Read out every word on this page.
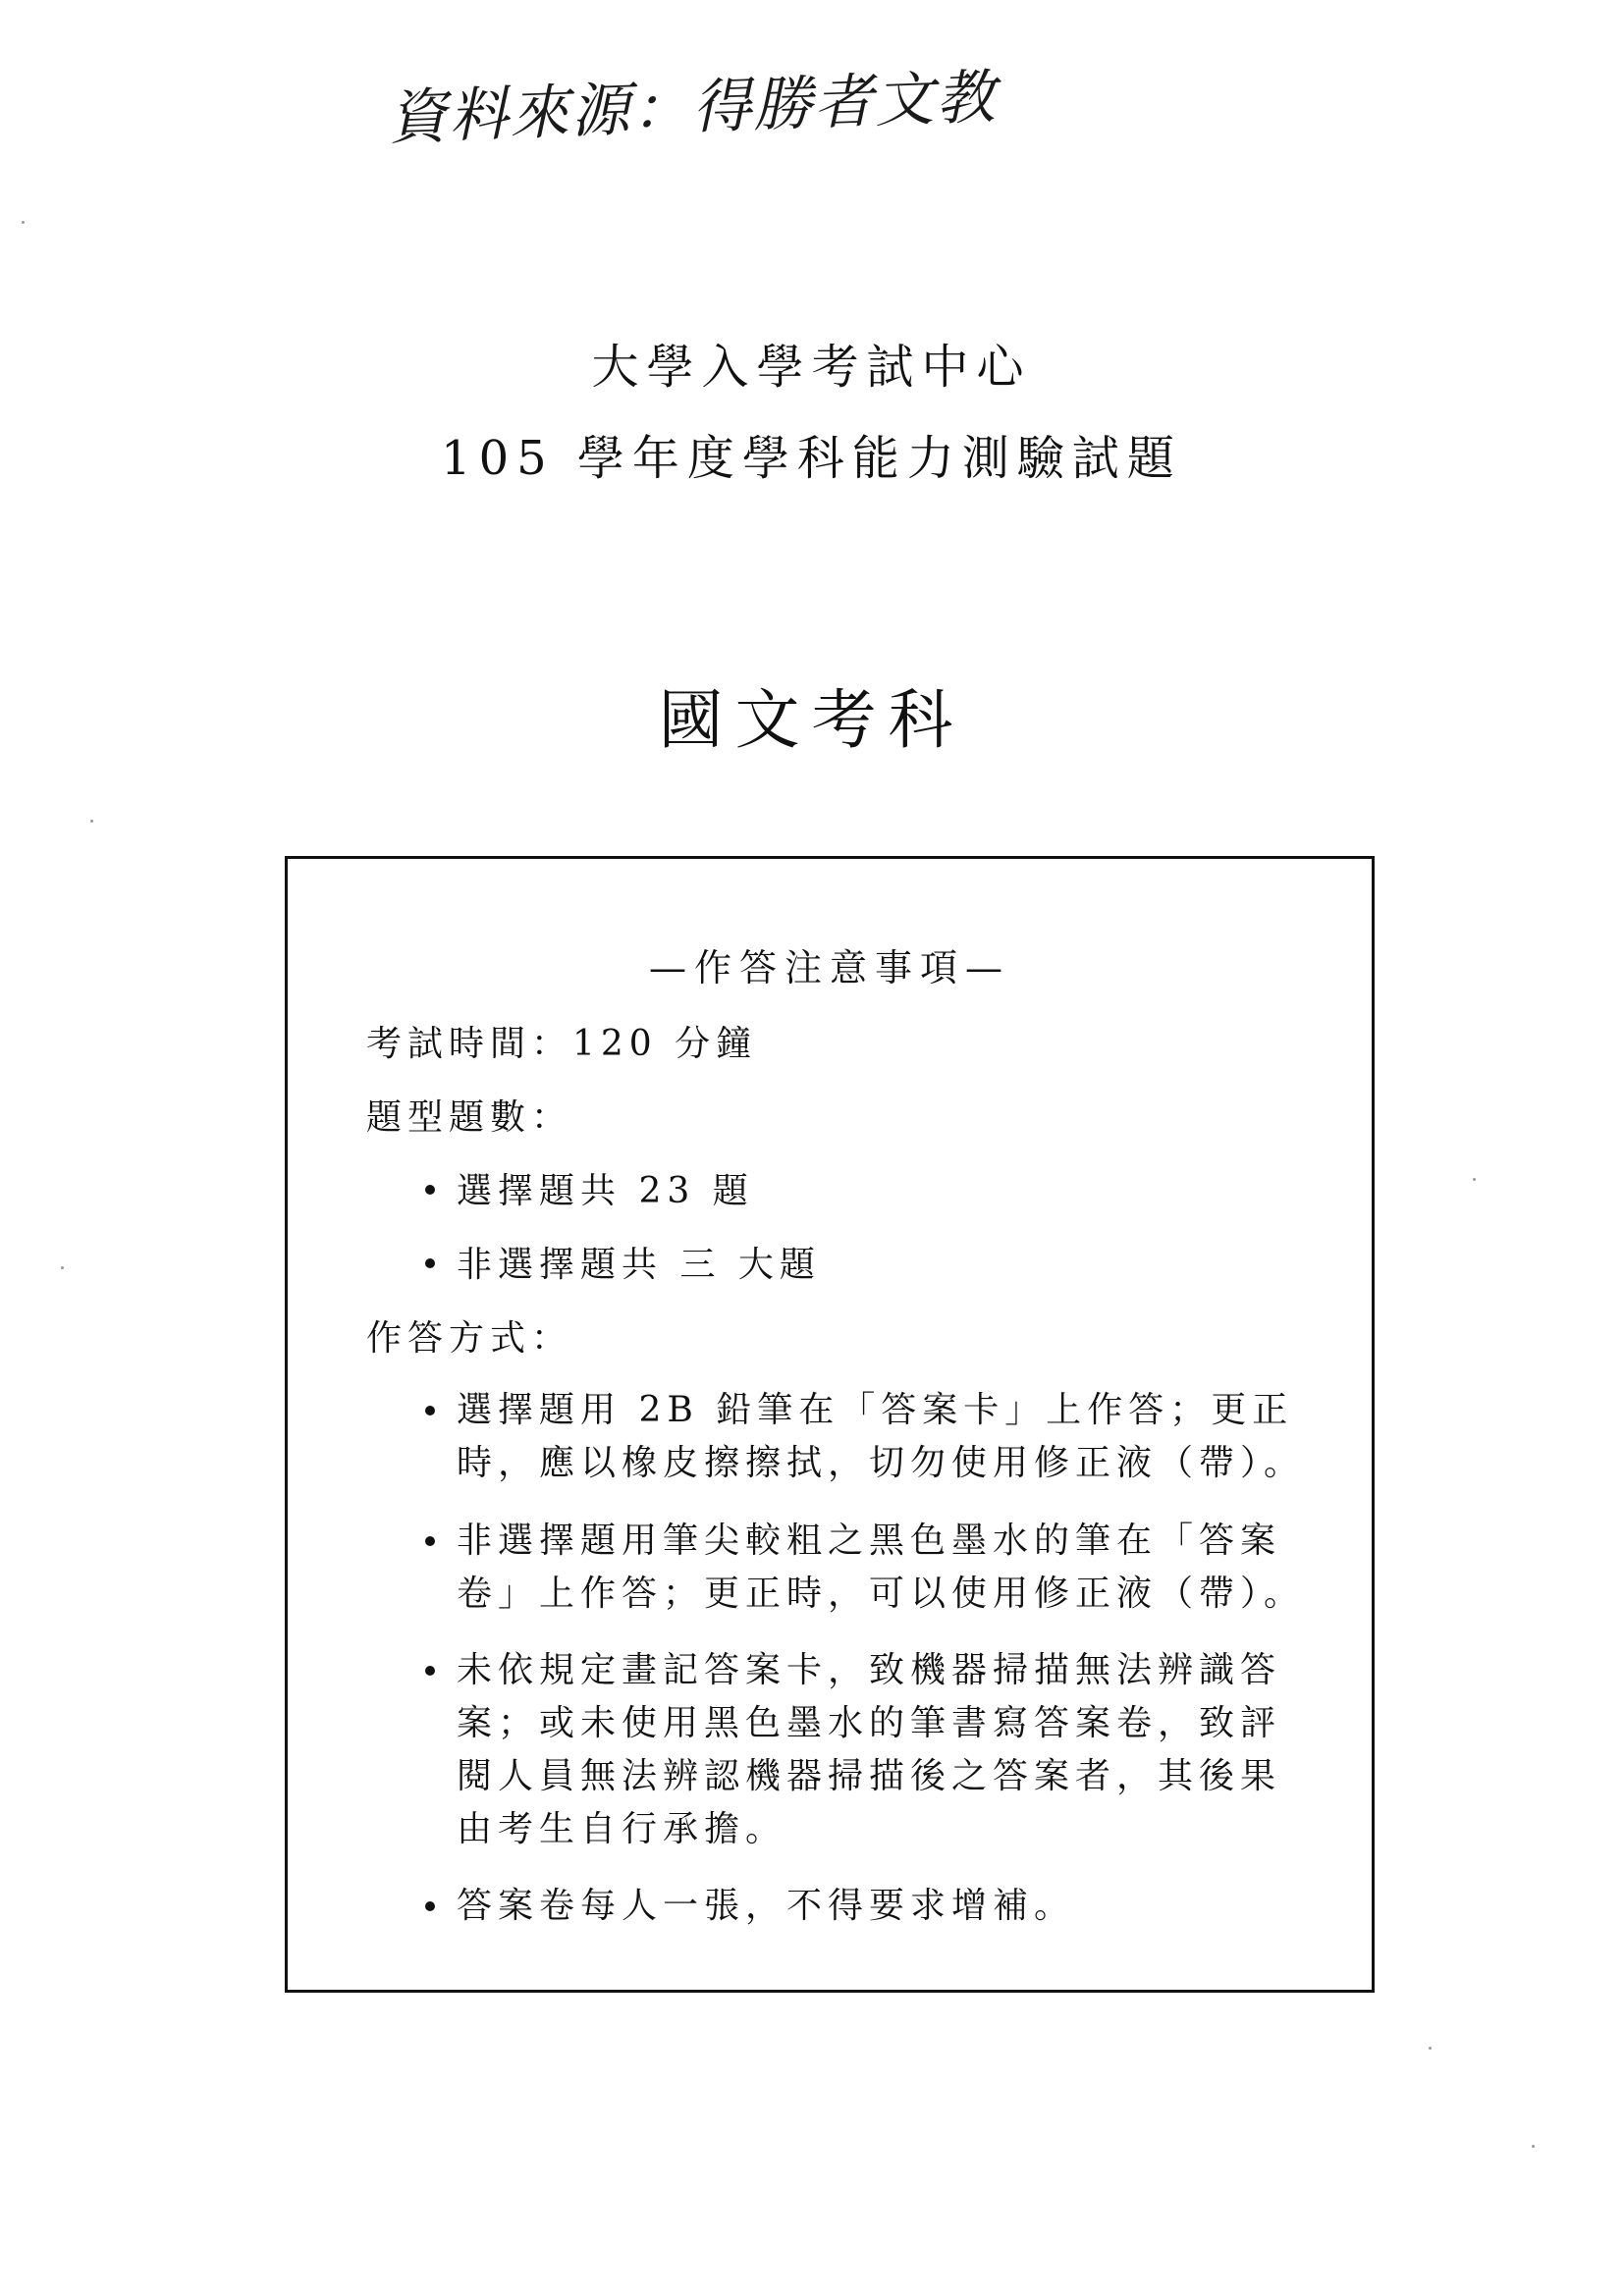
資料來源：得勝者文教
大學入學考試中心
105 學年度學科能力測驗試題
國文考科
—作答注意事項—
考試時間：120 分鐘
題型題數：
選擇題共 23 題
非選擇題共 三 大題
作答方式：
選擇題用 2B 鉛筆在「答案卡」上作答；更正
時，應以橡皮擦擦拭，切勿使用修正液（帶）。
非選擇題用筆尖較粗之黑色墨水的筆在「答案
卷」上作答；更正時，可以使用修正液（帶）。
未依規定畫記答案卡，致機器掃描無法辨識答
案；或未使用黑色墨水的筆書寫答案卷，致評
閱人員無法辨認機器掃描後之答案者，其後果
由考生自行承擔。
答案卷每人一張，不得要求增補。
